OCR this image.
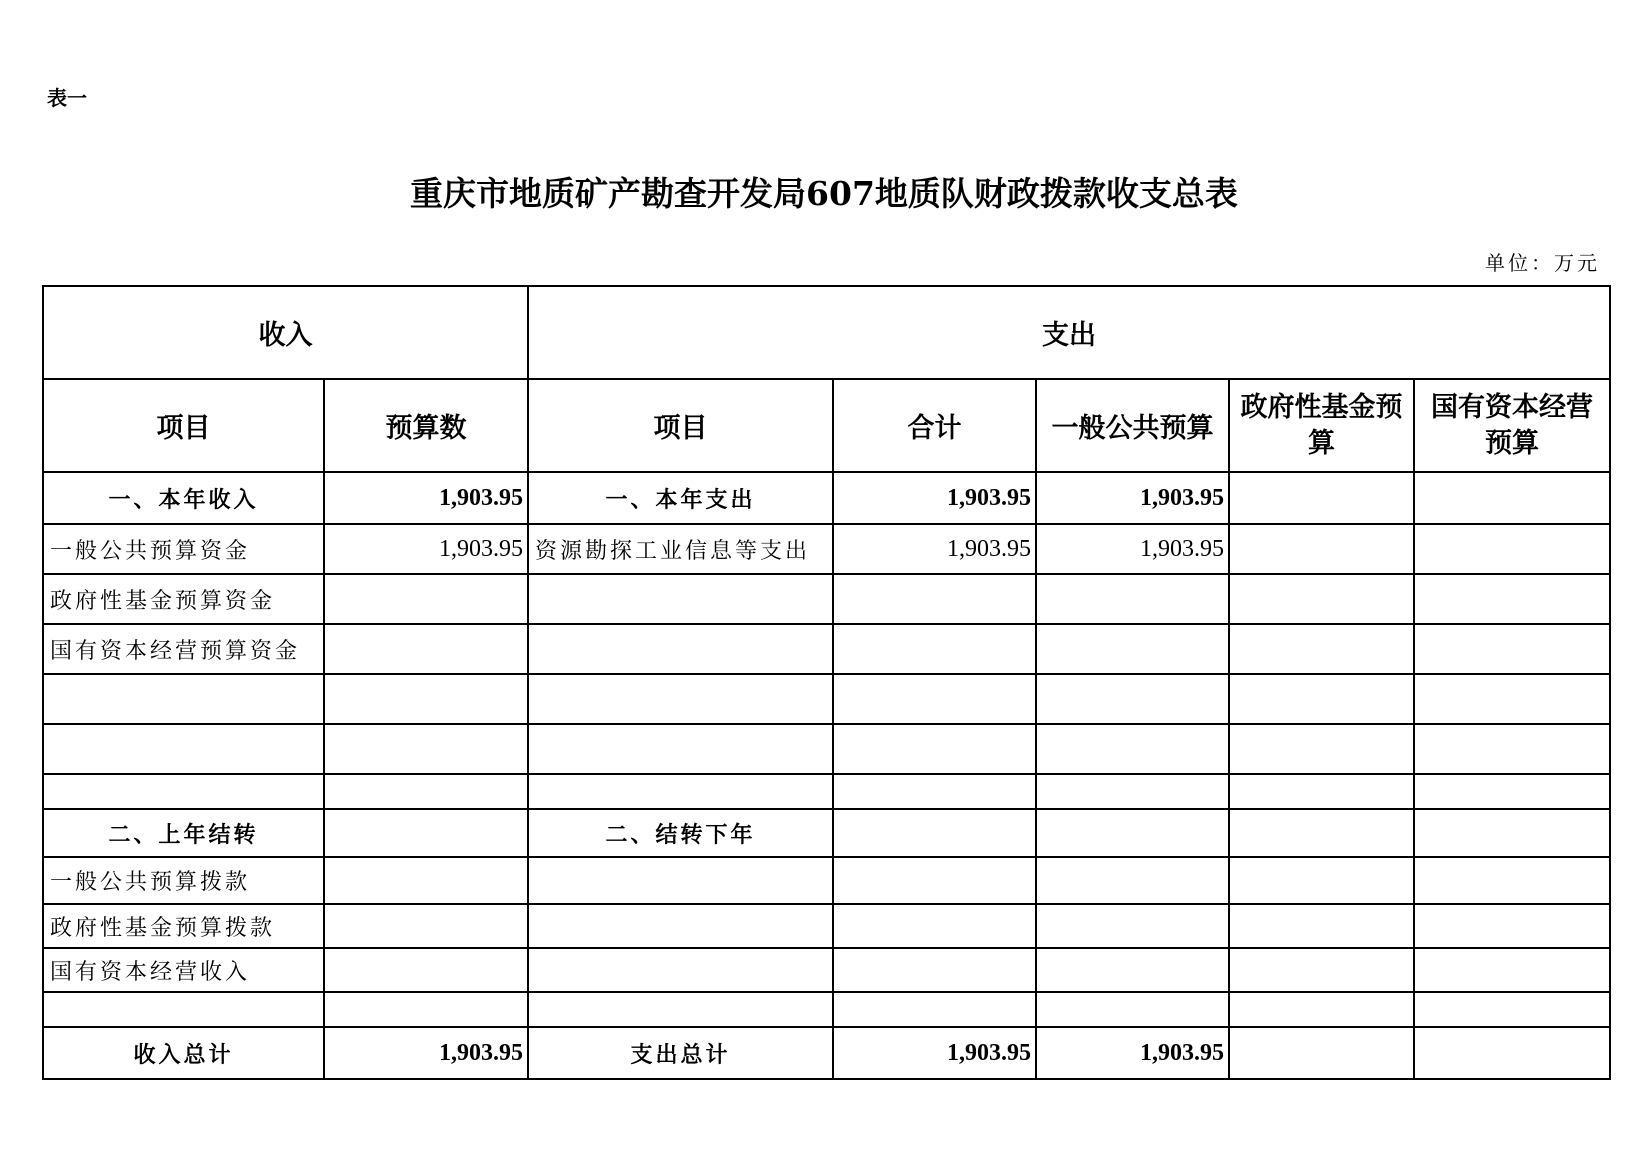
表一
重庆市地质矿产勘查开发局607地质队财政拨款收支总表
单位：万元
收入		支出				
项目	预算数	项目	合计	一般公共预算	政府性基金预算	国有资本经营预算
一、本年收入	1,903.95	一、本年支出	1,903.95	1,903.95		
一般公共预算资金	1,903.95	资源勘探工业信息等支出	1,903.95	1,903.95		
政府性基金预算资金						
国有资本经营预算资金						

二、上年结转		二、结转下年				
一般公共预算拨款						
政府性基金预算拨款						
国有资本经营收入						

收入总计	1,903.95	支出总计	1,903.95	1,903.95		
